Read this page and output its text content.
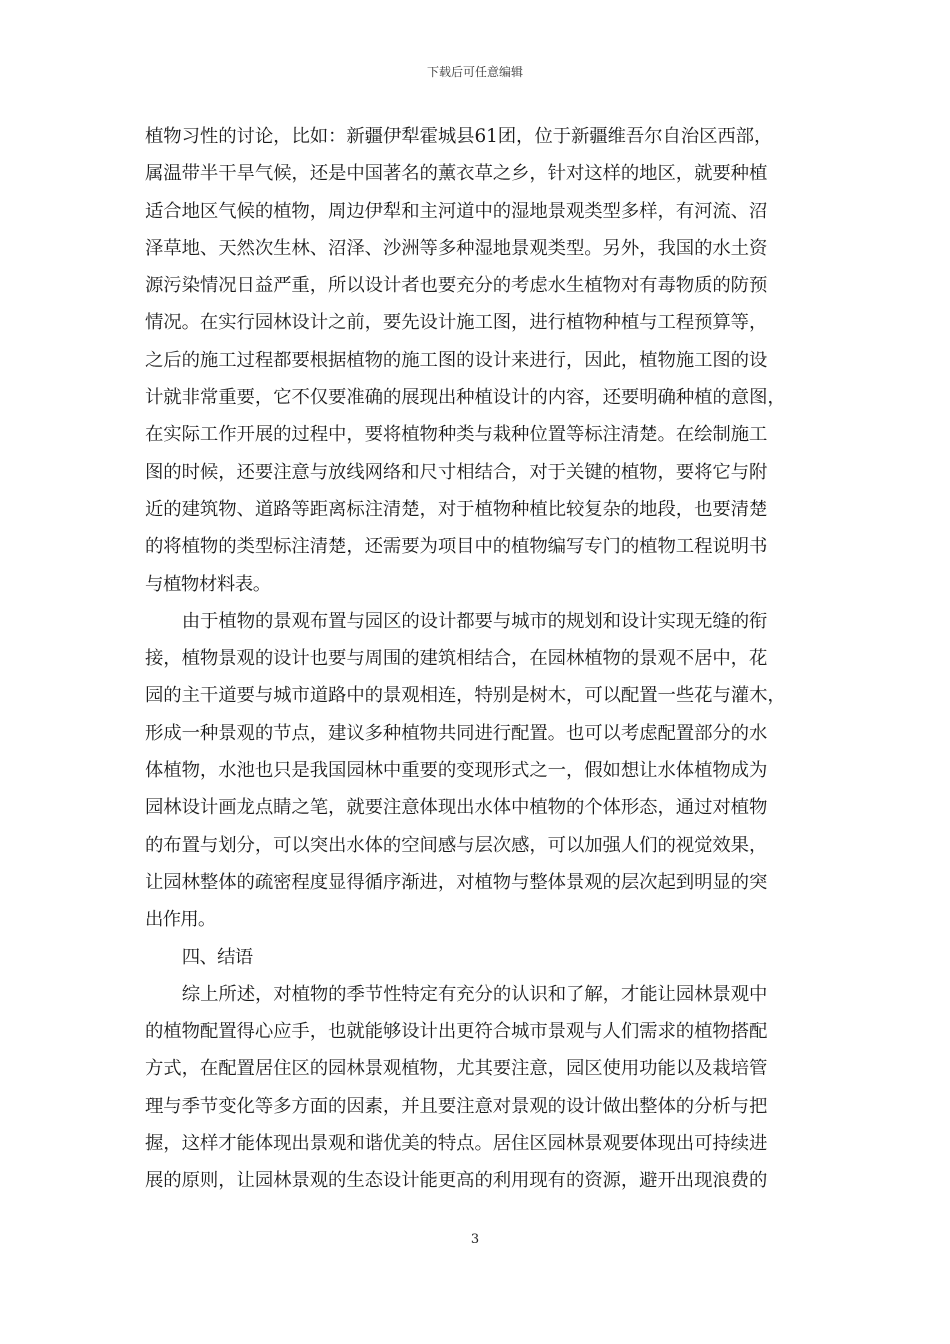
下载后可任意编辑
植物习性的讨论，比如：新疆伊犁霍城县61团，位于新疆维吾尔自治区西部，
属温带半干旱气候，还是中国著名的薰衣草之乡，针对这样的地区，就要种植
适合地区气候的植物，周边伊犁和主河道中的湿地景观类型多样，有河流、沼
泽草地、天然次生林、沼泽、沙洲等多种湿地景观类型。另外，我国的水土资
源污染情况日益严重，所以设计者也要充分的考虑水生植物对有毒物质的防预
情况。在实行园林设计之前，要先设计施工图，进行植物种植与工程预算等，
之后的施工过程都要根据植物的施工图的设计来进行，因此，植物施工图的设
计就非常重要，它不仅要准确的展现出种植设计的内容，还要明确种植的意图，
在实际工作开展的过程中，要将植物种类与栽种位置等标注清楚。在绘制施工
图的时候，还要注意与放线网络和尺寸相结合，对于关键的植物，要将它与附
近的建筑物、道路等距离标注清楚，对于植物种植比较复杂的地段，也要清楚
的将植物的类型标注清楚，还需要为项目中的植物编写专门的植物工程说明书
与植物材料表。
由于植物的景观布置与园区的设计都要与城市的规划和设计实现无缝的衔
接，植物景观的设计也要与周围的建筑相结合，在园林植物的景观不居中，花
园的主干道要与城市道路中的景观相连，特别是树木，可以配置一些花与灌木，
形成一种景观的节点，建议多种植物共同进行配置。也可以考虑配置部分的水
体植物，水池也只是我国园林中重要的变现形式之一，假如想让水体植物成为
园林设计画龙点睛之笔，就要注意体现出水体中植物的个体形态，通过对植物
的布置与划分，可以突出水体的空间感与层次感，可以加强人们的视觉效果，
让园林整体的疏密程度显得循序渐进，对植物与整体景观的层次起到明显的突
出作用。
四、结语
综上所述，对植物的季节性特定有充分的认识和了解，才能让园林景观中
的植物配置得心应手，也就能够设计出更符合城市景观与人们需求的植物搭配
方式，在配置居住区的园林景观植物，尤其要注意，园区使用功能以及栽培管
理与季节变化等多方面的因素，并且要注意对景观的设计做出整体的分析与把
握，这样才能体现出景观和谐优美的特点。居住区园林景观要体现出可持续进
展的原则，让园林景观的生态设计能更高的利用现有的资源，避开出现浪费的
3
